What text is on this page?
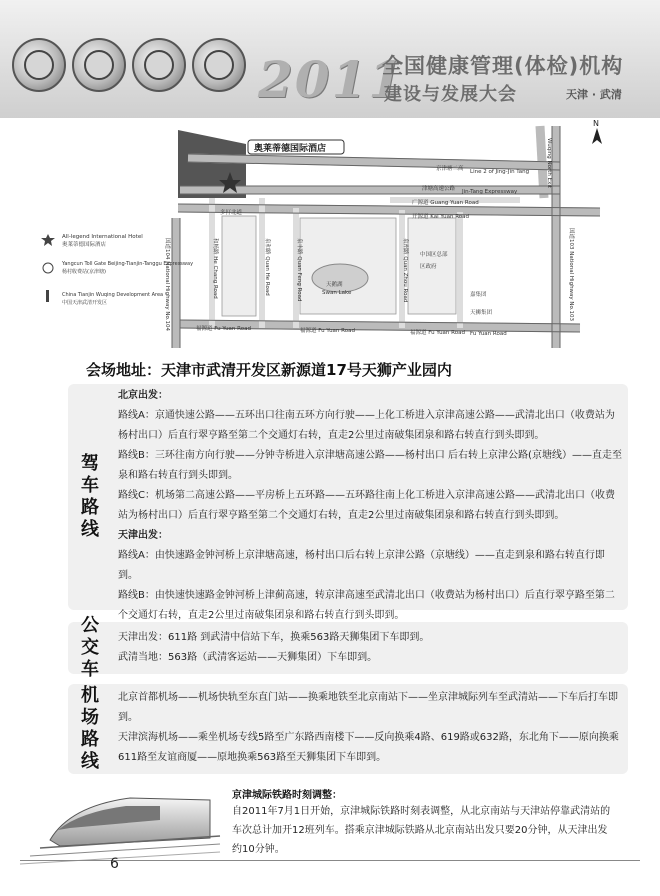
2011
全国健康管理(体检)机构
建设与发展大会	天津 · 武清
奥莱蒂德国际酒店
N
All-legend International Hotel
奥莱蒂德国际酒店
Yangcun Toll Gate Beijing-Tianjin-Tanggu Expressway
杨村收费站(京津塘)
China Tianjin Wuqing Development Area
中国天津武清开发区
京津塘二高 Line 2 of Jing-Jin Tang
津塘高速公路 Jin-Tang Expressway
广源道 Guang Yuan Road
开源道 Kai Yuan Road
多打北道
福源道 Fu Yuan Road	福源道 Fu Yuan Road	福源道 Fu Yuan Road Fu Yuan Road
天鹅湖
Swan Lake
中国区总部
区政府
嘉集团
天狮集团
Wuqing North Exit
和畅路 He Chang Road	泉和路 Quan He Road	泉丰路 Quan Feng Road	泉州路 Quan Zhou Road	国道103 National Highway No.103
国道104 National Highway No.104
会场地址：天津市武清开发区新源道17号天狮产业园内
驾车路线
北京出发：
路线A：京通快速公路——五环出口往南五环方向行驶——上化工桥进入京津高速公路——武清北出口（收费站为杨村出口）后直行翠亨路至第二个交通灯右转，直走2公里过南破集团泉和路右转直行到头即到。
路线B：三环往南方向行驶——分钟寺桥进入京津塘高速公路——杨村出口 后右转上京津公路(京塘线）——直走至泉和路右转直行到头即到。
路线C：机场第二高速公路——平房桥上五环路——五环路往南上化工桥进入京津高速公路——武清北出口（收费站为杨村出口）后直行翠亨路至第二个交通灯右转，直走2公里过南破集团泉和路右转直行到头即到。
天津出发：
路线A：由快速路金钟河桥上京津塘高速，杨村出口后右转上京津公路（京塘线）——直走到泉和路右转直行即到。
路线B：由快速快速路金钟河桥上津蓟高速，转京津高速至武清北出口（收费站为杨村出口）后直行翠亨路至第二个交通灯右转，直走2公里过南破集团泉和路右转直行到头即到。
公交车
天津出发：611路 到武清中信站下车，换乘563路天狮集团下车即到。
武清当地：563路（武清客运站——天狮集团）下车即到。
机场路线
北京首都机场——机场快轨至东直门站——换乘地铁至北京南站下——坐京津城际列车至武清站——下车后打车即到。
天津滨海机场——乘坐机场专线5路至广东路西南楼下——反向换乘4路、619路或632路，东北角下——原向换乘611路至友谊商厦——原地换乘563路至天狮集团下车即到。
京津城际铁路时刻调整：
自2011年7月1日开始，京津城际铁路时刻表调整，从北京南站与天津站停靠武清站的车次总计加开12班列车。搭乘京津城际铁路从北京南站出发只要20分钟，从天津出发约10分钟。
6
